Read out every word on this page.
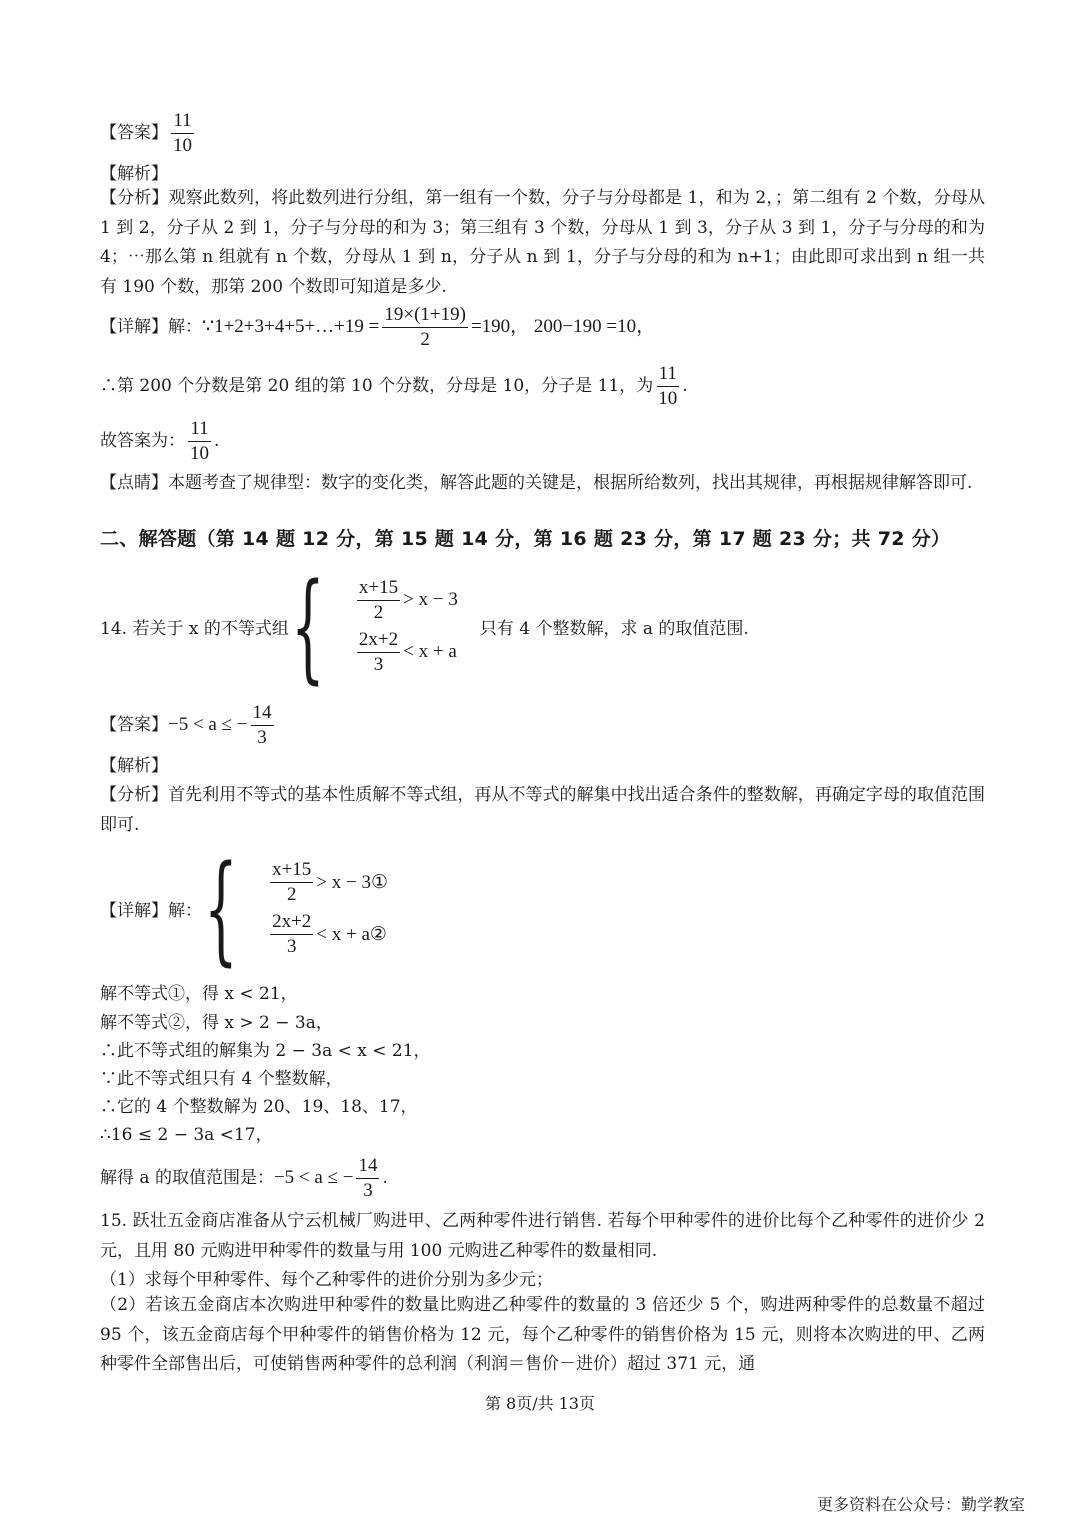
【答案】 $\frac{11}{10}$
【解析】
【分析】观察此数列，将此数列进行分组，第一组有一个数，分子与分母都是 1，和为 2，；第二组有 2 个数，分母从 1 到 2，分子从 2 到 1，分子与分母的和为 3；第三组有 3 个数，分母从 1 到 3，分子从 3 到 1，分子与分母的和为 4；⋯那么第 n 组就有 n 个数，分母从 1 到 n，分子从 n 到 1，分子与分母的和为 n+1；由此即可求出到 n 组一共有 190 个数，那第 200 个数即可知道是多少.
【详解】解： ∵1+2+3+4+5+…+19 = $\frac{19\times(1+19)}{2} =190$， 200−190 =10，
∴第 200 个分数是第 20 组的第 10 个分数，分母是 10，分子是 11，为 $\frac{11}{10}$ .
故答案为： $\frac{11}{10}$ .
【点睛】本题考查了规律型：数字的变化类，解答此题的关键是，根据所给数列，找出其规律，再根据规律解答即可.
二、解答题（第 14 题 12 分，第 15 题 14 分，第 16 题 23 分，第 17 题 23 分；共 72 分）
14. 若关于 x 的不等式组 { $\frac{x+15}{2} > x - 3$
$\frac{2x+2}{3} < x + a$
只有 4 个整数解，求 a 的取值范围.
【答案】 −5 < a ≤ − $\frac{14}{3}$
【解析】
【分析】首先利用不等式的基本性质解不等式组，再从不等式的解集中找出适合条件的整数解，再确定字母的取值范围即可.
【详解】解： { $\frac{x+15}{2} > x$ − 3①
$\frac{2x+2}{3} < x$ + a②
解不等式①，得 x < 21，
解不等式②，得 x > 2 − 3a，
∴此不等式组的解集为 2 − 3a < x < 21，
∵此不等式组只有 4 个整数解，
∴它的 4 个整数解为 20、19、18、17，
∴16 ≤ 2 − 3a <17，
解得 a 的取值范围是： −5 < a ≤ − $\frac{14}{3}$ .
15. 跃壮五金商店准备从宁云机械厂购进甲、乙两种零件进行销售. 若每个甲种零件的进价比每个乙种零件的进价少 2 元，且用 80 元购进甲种零件的数量与用 100 元购进乙种零件的数量相同.
（1）求每个甲种零件、每个乙种零件的进价分别为多少元；
（2）若该五金商店本次购进甲种零件的数量比购进乙种零件的数量的 3 倍还少 5 个，购进两种零件的总数量不超过 95 个，该五金商店每个甲种零件的销售价格为 12 元，每个乙种零件的销售价格为 15 元，则将本次购进的甲、乙两种零件全部售出后，可使销售两种零件的总利润（利润＝售价－进价）超过 371 元，通
第 8页/共 13页
更多资料在公众号：勤学教室
